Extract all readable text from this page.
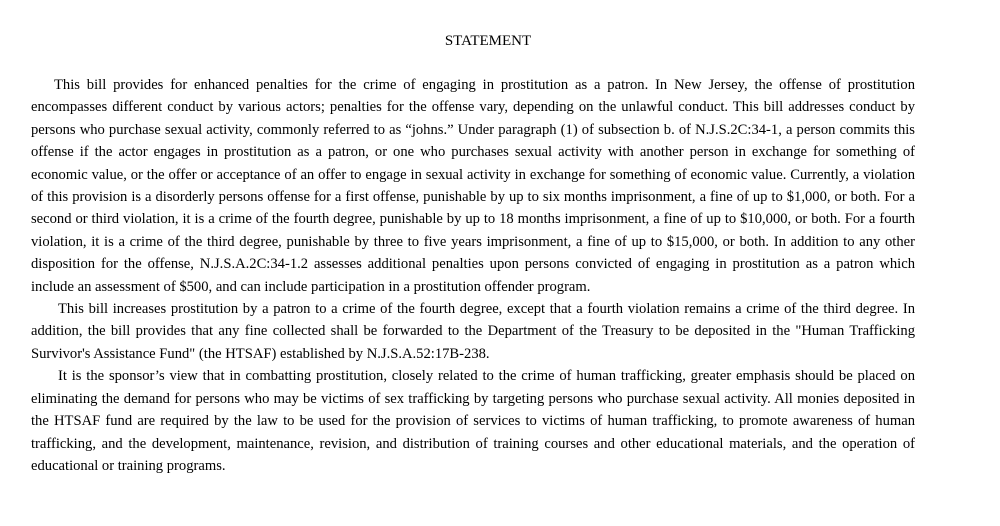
STATEMENT

This bill provides for enhanced penalties for the crime of engaging in prostitution as a patron. In New Jersey, the offense of prostitution encompasses different conduct by various actors; penalties for the offense vary, depending on the unlawful conduct. This bill addresses conduct by persons who purchase sexual activity, commonly referred to as “johns.” Under paragraph (1) of subsection b. of N.J.S.2C:34-1, a person commits this offense if the actor engages in prostitution as a patron, or one who purchases sexual activity with another person in exchange for something of economic value, or the offer or acceptance of an offer to engage in sexual activity in exchange for something of economic value. Currently, a violation of this provision is a disorderly persons offense for a first offense, punishable by up to six months imprisonment, a fine of up to $1,000, or both. For a second or third violation, it is a crime of the fourth degree, punishable by up to 18 months imprisonment, a fine of up to $10,000, or both. For a fourth violation, it is a crime of the third degree, punishable by three to five years imprisonment, a fine of up to $15,000, or both. In addition to any other disposition for the offense, N.J.S.A.2C:34-1.2 assesses additional penalties upon persons convicted of engaging in prostitution as a patron which include an assessment of $500, and can include participation in a prostitution offender program.

This bill increases prostitution by a patron to a crime of the fourth degree, except that a fourth violation remains a crime of the third degree. In addition, the bill provides that any fine collected shall be forwarded to the Department of the Treasury to be deposited in the "Human Trafficking Survivor's Assistance Fund" (the HTSAF) established by N.J.S.A.52:17B-238.

It is the sponsor’s view that in combatting prostitution, closely related to the crime of human trafficking, greater emphasis should be placed on eliminating the demand for persons who may be victims of sex trafficking by targeting persons who purchase sexual activity. All monies deposited in the HTSAF fund are required by the law to be used for the provision of services to victims of human trafficking, to promote awareness of human trafficking, and the development, maintenance, revision, and distribution of training courses and other educational materials, and the operation of educational or training programs.
